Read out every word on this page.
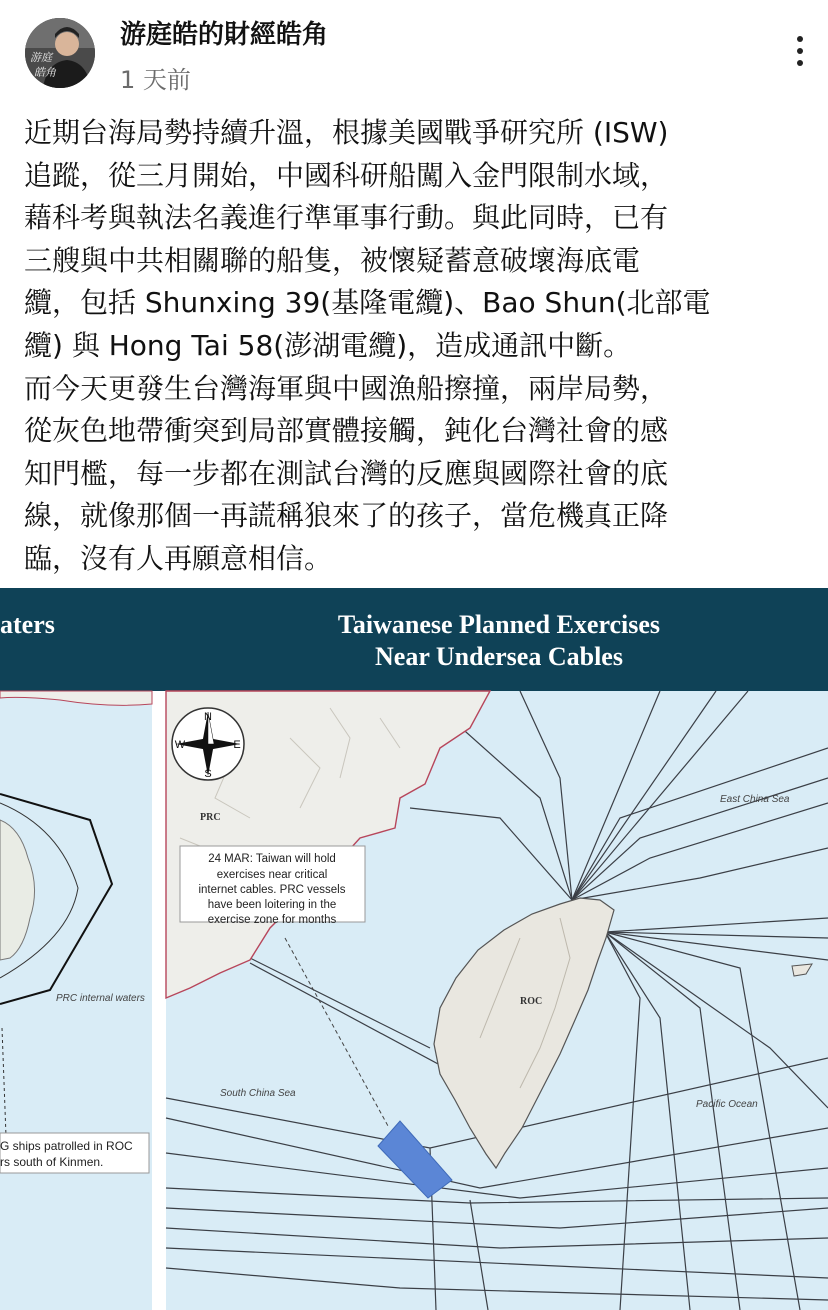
游庭
皓角
游庭皓的財經皓角
1 天前
近期台海局勢持續升溫，根據美國戰爭研究所 (ISW)
追蹤，從三月開始，中國科研船闖入金門限制水域，
藉科考與執法名義進行準軍事行動。與此同時，已有
三艘與中共相關聯的船隻，被懷疑蓄意破壞海底電
纜，包括 Shunxing 39(基隆電纜)、Bao Shun(北部電
纜) 與 Hong Tai 58(澎湖電纜)，造成通訊中斷。
而今天更發生台灣海軍與中國漁船擦撞，兩岸局勢，
從灰色地帶衝突到局部實體接觸，鈍化台灣社會的感
知門檻，每一步都在測試台灣的反應與國際社會的底
線，就像那個一再謊稱狼來了的孩子，當危機真正降
臨，沒有人再願意相信。
PRC internal waters
G ships patrolled in ROC
rs south of Kinmen.
aters	Taiwanese Planned Exercises
Near Undersea Cables
N
S
E
W
PRC
ROC
East China Sea
South China Sea
Pacific Ocean
24 MAR: Taiwan will hold
exercises near critical
internet cables. PRC vessels
have been loitering in the
exercise zone for months
